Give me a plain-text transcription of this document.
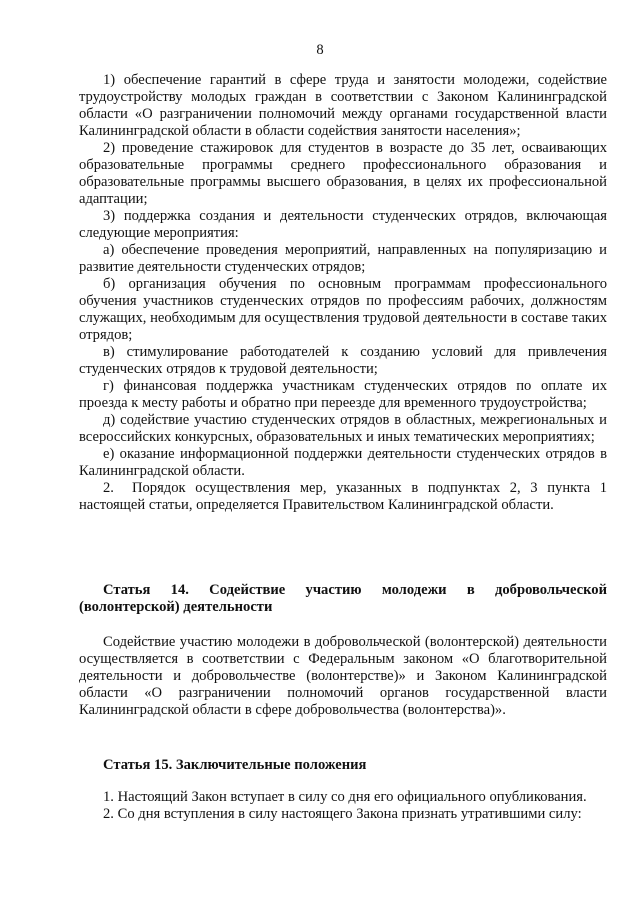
8

1) обеспечение гарантий в сфере труда и занятости молодежи, содействие трудоустройству молодых граждан в соответствии с Законом Калининградской области «О разграничении полномочий между органами государственной власти Калининградской области в области содействия занятости населения»;

2) проведение стажировок для студентов в возрасте до 35 лет, осваивающих образовательные программы среднего профессионального образования и образовательные программы высшего образования, в целях их профессиональной адаптации;

3) поддержка создания и деятельности студенческих отрядов, включающая следующие мероприятия:

а) обеспечение проведения мероприятий, направленных на популяризацию и развитие деятельности студенческих отрядов;

б) организация обучения по основным программам профессионального обучения участников студенческих отрядов по профессиям рабочих, должностям служащих, необходимым для осуществления трудовой деятельности в составе таких отрядов;

в) стимулирование работодателей к созданию условий для привлечения студенческих отрядов к трудовой деятельности;

г) финансовая поддержка участникам студенческих отрядов по оплате их проезда к месту работы и обратно при переезде для временного трудоустройства;

д) содействие участию студенческих отрядов в областных, межрегиональных и всероссийских конкурсных, образовательных и иных тематических мероприятиях;

е) оказание информационной поддержки деятельности студенческих отрядов в Калининградской области.

2. Порядок осуществления мер, указанных в подпунктах 2, 3 пункта 1 настоящей статьи, определяется Правительством Калининградской области.

Статья 14. Содействие участию молодежи в добровольческой (волонтерской) деятельности

Содействие участию молодежи в добровольческой (волонтерской) деятельности осуществляется в соответствии с Федеральным законом «О благотворительной деятельности и добровольчестве (волонтерстве)» и Законом Калининградской области «О разграничении полномочий органов государственной власти Калининградской области в сфере добровольчества (волонтерства)».

Статья 15. Заключительные положения

1. Настоящий Закон вступает в силу со дня его официального опубликования.

2. Со дня вступления в силу настоящего Закона признать утратившими силу:
